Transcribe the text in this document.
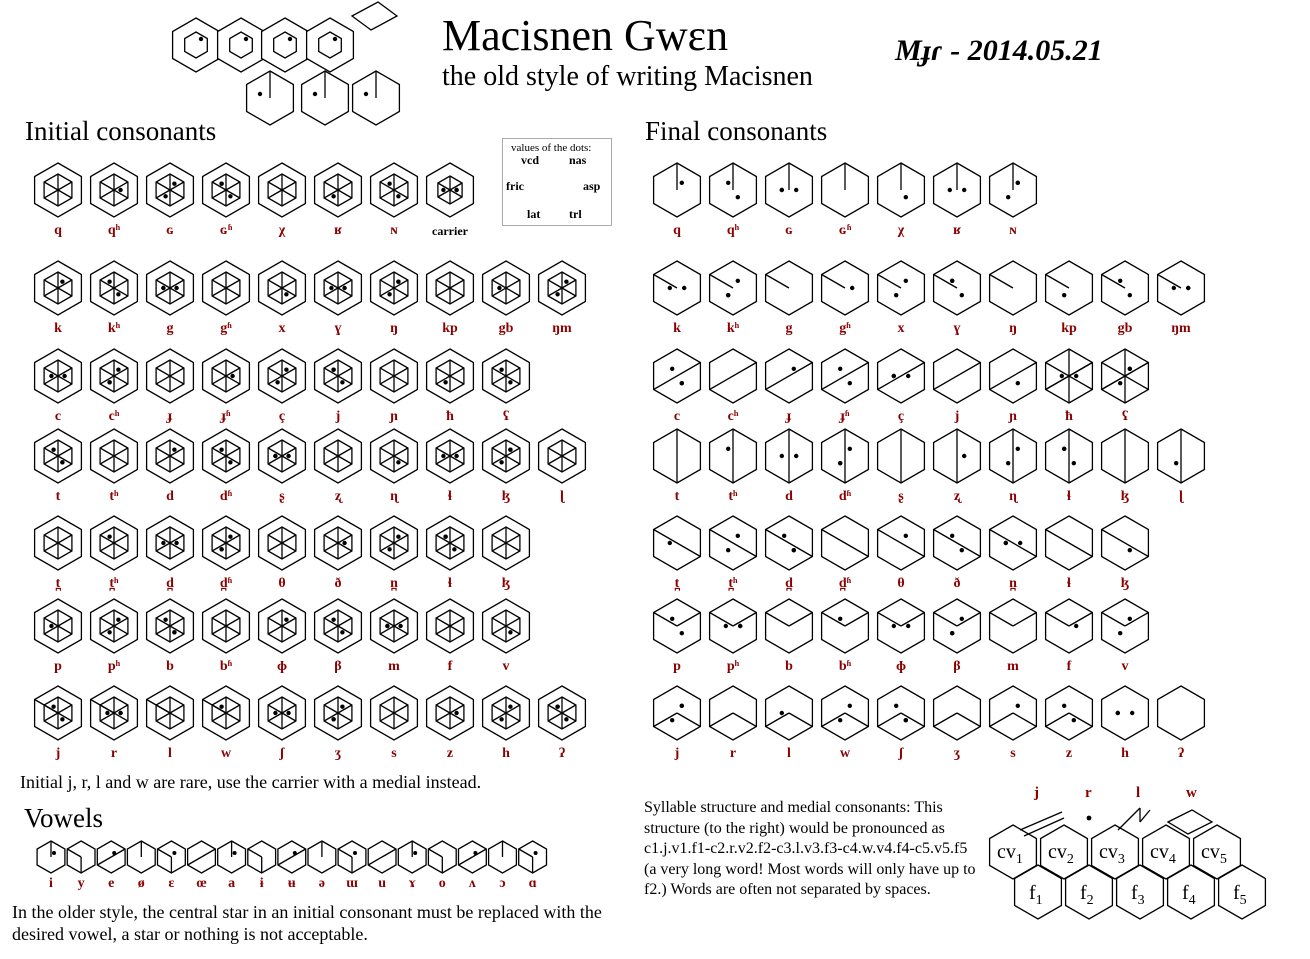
$cv_1$ $cv_2$ $cv_3$ $cv_4$ $cv_5$
$f_1$ $f_2$ $f_3$ $f_4$ $f_5$
j	r	l	w
Macisnen Gwɛn
the old style of writing Macisnen
Mɟɾ - 2014.05.21
Initial consonants	Final consonants
Vowels
values of the dots:
vcd	nas
fric	asp
lat trl
Initial j, r, l and w are rare, use the carrier with a medial instead.
In the older style, the central star in an initial consonant must be replaced with the desired vowel, a star or nothing is not acceptable.
Syllable structure and medial consonants: This structure (to the right) would be pronounced as c1.j.v1.f1-c2.r.v2.f2-c3.l.v3.f3-c4.w.v4.f4-c5.v5.f5 (a very long word! Most words will only have up to f2.) Words are often not separated by spaces.
q	qʰ	ɢ	ɢʱ	χ	ʁ	ɴ	carrier
k	kʰ	g	gʱ	x	ɣ	ŋ	kp	gb	ŋm
c	cʰ	ɟ	ɟʱ	ç	j	ɲ	ħ	ʕ
t	tʰ	d	dʱ	ʂ	ʐ	ɳ	ɬ	ɮ	ɭ
t̪	t̪ʰ	d̪	d̪ʱ	θ	ð	n̪	ɬ	ɮ
p	pʰ	b	bʱ	ɸ	β	m	f	v
j	r	l	w	ʃ	ʒ	s	z	h	ʔ
q	qʰ	ɢ	ɢʱ	χ	ʁ	ɴ
k	kʰ	g	gʱ	x	ɣ	ŋ	kp	gb	ŋm
c	cʰ	ɟ	ɟʱ	ç	j	ɲ	ħ	ʕ
t	tʰ	d	dʱ	ʂ	ʐ	ɳ	ɬ	ɮ	ɭ
t̪	t̪ʰ	d̪	d̪ʱ	θ	ð	n̪	ɬ	ɮ
p	pʰ	b	bʱ	ɸ	β	m	f	v
j	r	l	w	ʃ	ʒ	s	z	h	ʔ
i y e ø ɛ œ a ɨ ʉ ə ɯ u ɤ o ʌ ɔ ɑ
